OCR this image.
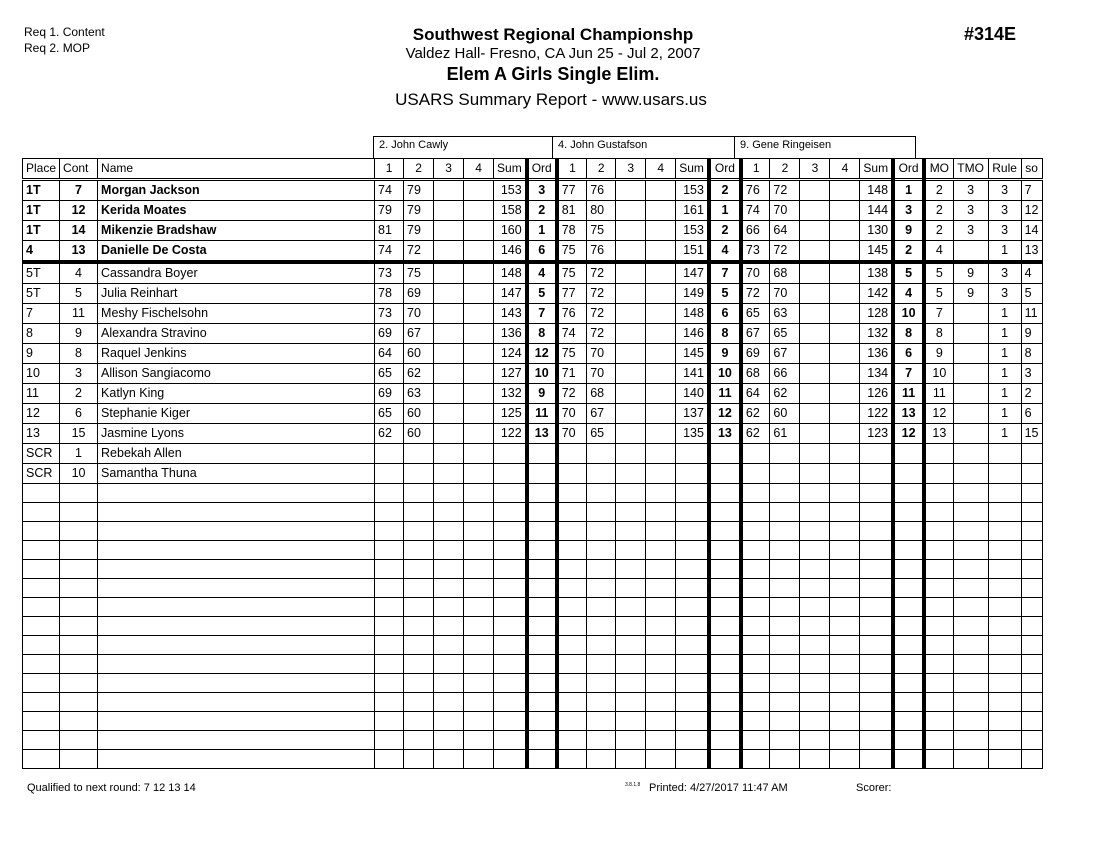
Req 1. Content
Req 2. MOP
Southwest Regional Championshp
Valdez Hall- Fresno, CA Jun 25 - Jul 2, 2007
Elem A Girls Single Elim.
USARS Summary Report - www.usars.us
#314E
2. John Cawly	4. John Gustafson	9. Gene Ringeisen
Place	Cont	Name	1	2	3	4	Sum	Ord	1	2	3	4	Sum	Ord	1	2	3	4	Sum	Ord	MO	TMO	Rule	so
1T	7	Morgan Jackson	74	79			153	3	77	76			153	2	76	72			148	1	2	3	3	7
1T	12	Kerida Moates	79	79			158	2	81	80			161	1	74	70			144	3	2	3	3	12
1T	14	Mikenzie Bradshaw	81	79			160	1	78	75			153	2	66	64			130	9	2	3	3	14
4	13	Danielle De Costa	74	72			146	6	75	76			151	4	73	72			145	2	4		1	13
5T	4	Cassandra Boyer	73	75			148	4	75	72			147	7	70	68			138	5	5	9	3	4
5T	5	Julia Reinhart	78	69			147	5	77	72			149	5	72	70			142	4	5	9	3	5
7	11	Meshy Fischelsohn	73	70			143	7	76	72			148	6	65	63			128	10	7		1	11
8	9	Alexandra Stravino	69	67			136	8	74	72			146	8	67	65			132	8	8		1	9
9	8	Raquel Jenkins	64	60			124	12	75	70			145	9	69	67			136	6	9		1	8
10	3	Allison Sangiacomo	65	62			127	10	71	70			141	10	68	66			134	7	10		1	3
11	2	Katlyn King	69	63			132	9	72	68			140	11	64	62			126	11	11		1	2
12	6	Stephanie Kiger	65	60			125	11	70	67			137	12	62	60			122	13	12		1	6
13	15	Jasmine Lyons	62	60			122	13	70	65			135	13	62	61			123	12	13		1	15
SCR	1	Rebekah Allen																						
SCR	10	Samantha Thuna																						

Qualified to next round: 7 12 13 14	3.8.1.8 Printed: 4/27/2017 11:47 AM	Scorer:
